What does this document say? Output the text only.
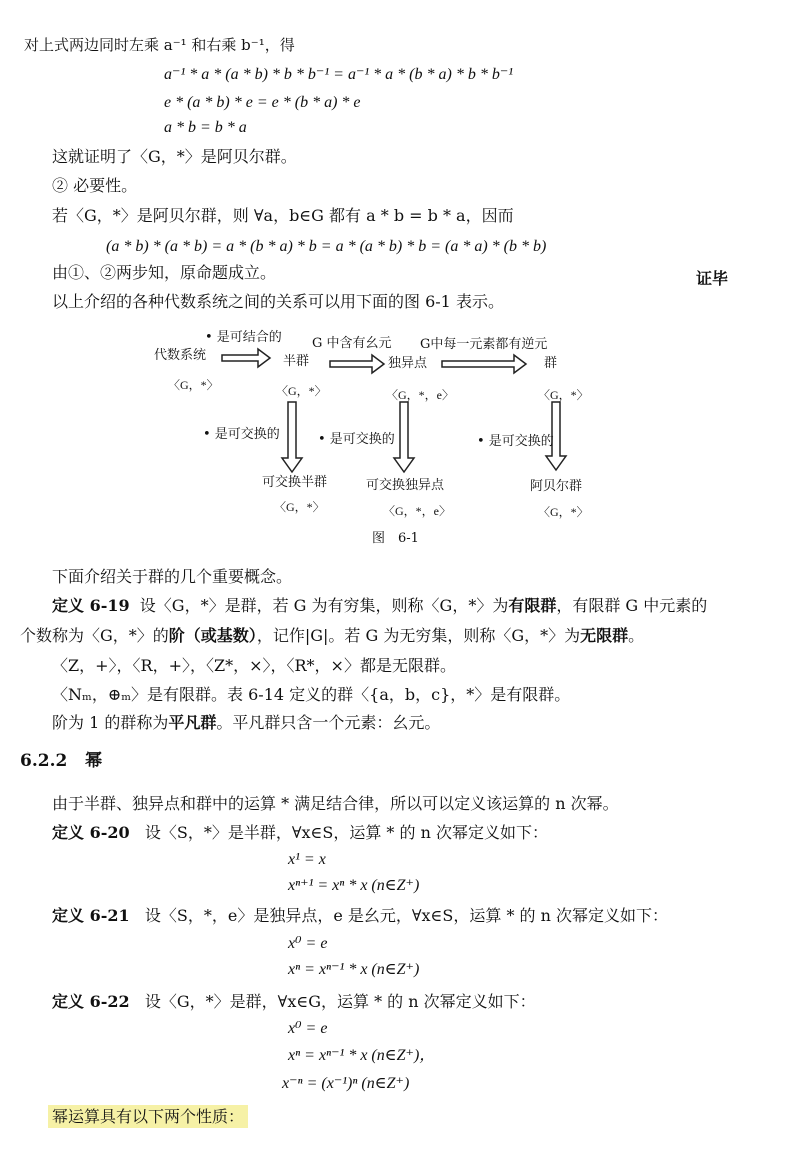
对上式两边同时左乘 a⁻¹ 和右乘 b⁻¹，得
a⁻¹ * a * (a * b) * b * b⁻¹ = a⁻¹ * a * (b * a) * b * b⁻¹
e * (a * b) * e = e * (b * a) * e
a * b = b * a
这就证明了〈G，*〉是阿贝尔群。
② 必要性。
若〈G，*〉是阿贝尔群，则 ∀a，b∈G 都有 a * b = b * a，因而
(a * b) * (a * b) = a * (b * a) * b = a * (a * b) * b = (a * a) * (b * b)
由①、②两步知，原命题成立。	证毕
以上介绍的各种代数系统之间的关系可以用下面的图 6-1 表示。
• 是可结合的 G 中含有幺元 G中每一元素都有逆元
代数系统
〈G，*〉
半群
〈G，*〉
独异点
〈G，*，e〉
群
〈G，*〉
• 是可交换的	• 是可交换的	• 是可交换的
可交换半群
〈G，*〉
可交换独异点
〈G，*，e〉
阿贝尔群
〈G，*〉
图　6-1
下面介绍关于群的几个重要概念。
定义 6-19 设〈G，*〉是群，若 G 为有穷集，则称〈G，*〉为有限群，有限群 G 中元素的
个数称为〈G，*〉的阶（或基数），记作|G|。若 G 为无穷集，则称〈G，*〉为无限群。
〈Z，+〉，〈R，+〉，〈Z*，×〉，〈R*，×〉都是无限群。
〈Nₘ，⊕ₘ〉是有限群。表 6-14 定义的群〈{a，b，c}，*〉是有限群。
阶为 1 的群称为平凡群。平凡群只含一个元素：幺元。
6.2.2 幂
由于半群、独异点和群中的运算 * 满足结合律，所以可以定义该运算的 n 次幂。
定义 6-20 设〈S，*〉是半群，∀x∈S，运算 * 的 n 次幂定义如下：
x¹ = x
xⁿ⁺¹ = xⁿ * x (n∈Z⁺)
定义 6-21 设〈S，*，e〉是独异点，e 是幺元，∀x∈S，运算 * 的 n 次幂定义如下：
x⁰ = e
xⁿ = xⁿ⁻¹ * x (n∈Z⁺)
定义 6-22 设〈G，*〉是群，∀x∈G，运算 * 的 n 次幂定义如下：
x⁰ = e
xⁿ = xⁿ⁻¹ * x (n∈Z⁺)，
x⁻ⁿ = (x⁻¹)ⁿ (n∈Z⁺)
幂运算具有以下两个性质：
